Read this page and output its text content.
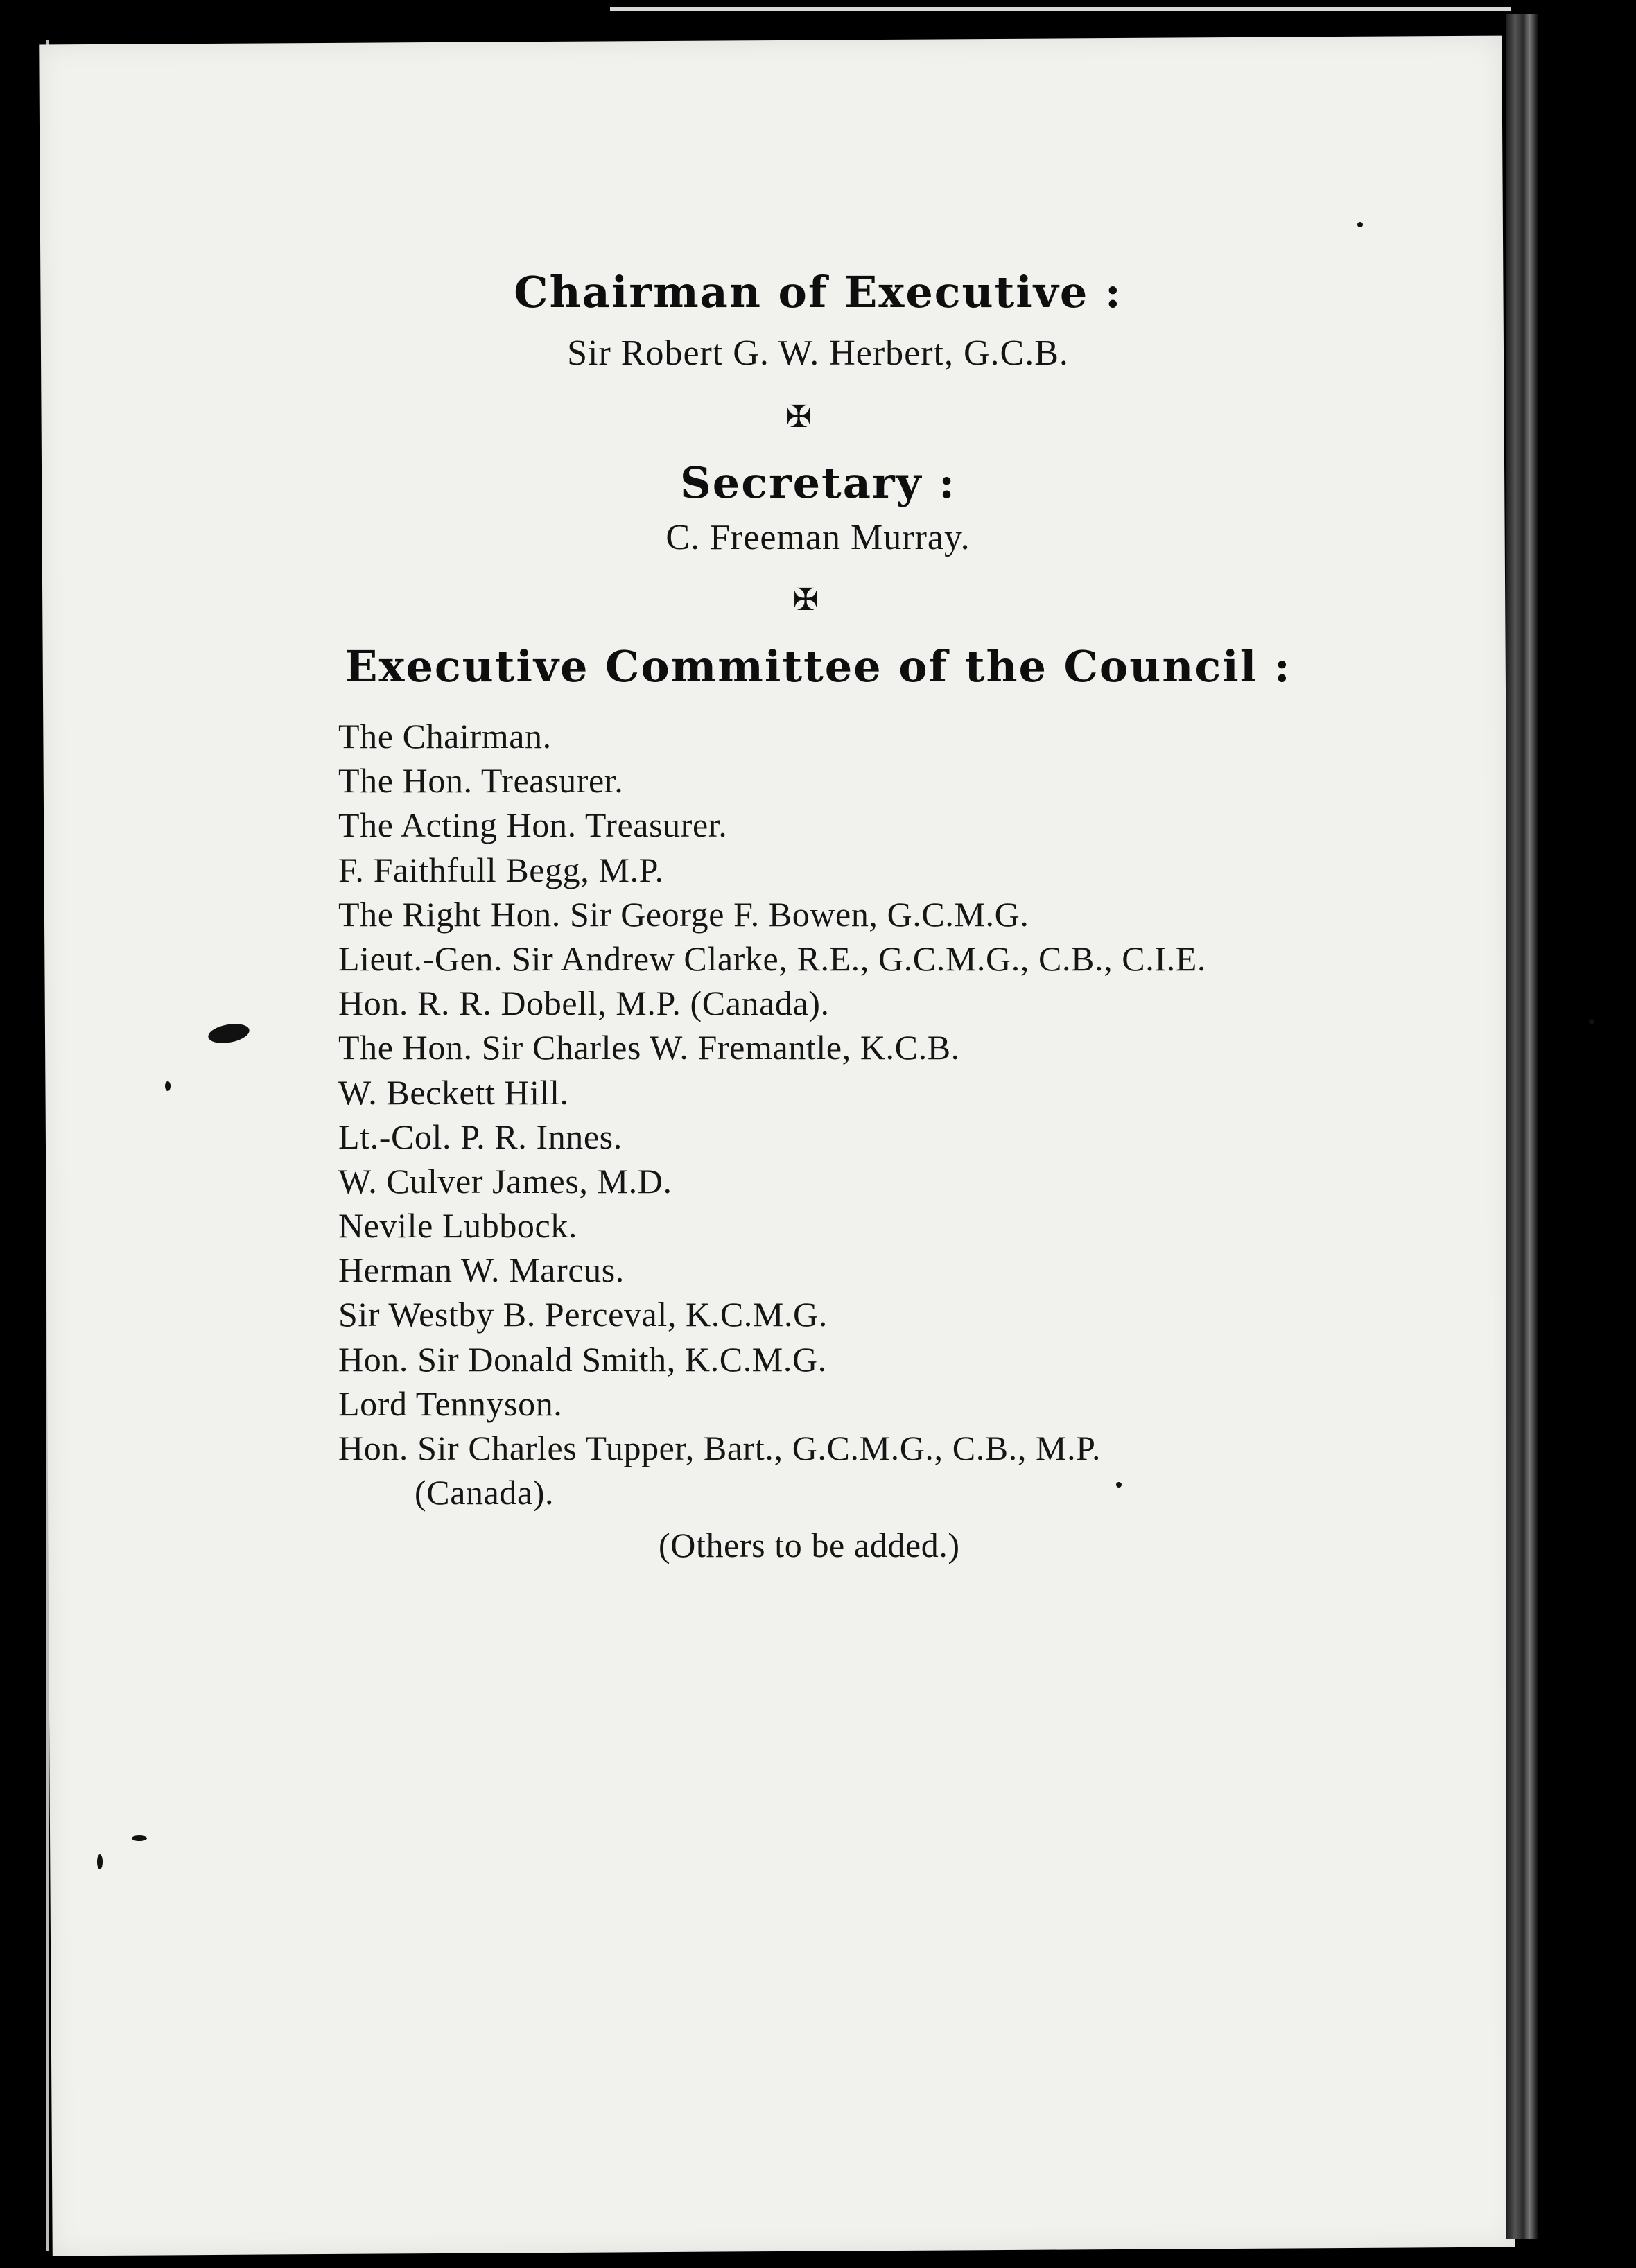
Chairman of Executive :
Sir Robert G. W. Herbert, G.C.B.
✠
Secretary :
C. Freeman Murray.
✠
Executive Committee of the Council :
The Chairman.
The Hon. Treasurer.
The Acting Hon. Treasurer.
F. Faithfull Begg, M.P.
The Right Hon. Sir George F. Bowen, G.C.M.G.
Lieut.-Gen. Sir Andrew Clarke, R.E., G.C.M.G., C.B., C.I.E.
Hon. R. R. Dobell, M.P. (Canada).
The Hon. Sir Charles W. Fremantle, K.C.B.
W. Beckett Hill.
Lt.-Col. P. R. Innes.
W. Culver James, M.D.
Nevile Lubbock.
Herman W. Marcus.
Sir Westby B. Perceval, K.C.M.G.
Hon. Sir Donald Smith, K.C.M.G.
Lord Tennyson.
Hon. Sir Charles Tupper, Bart., G.C.M.G., C.B., M.P.
(Canada).
(Others to be added.)
